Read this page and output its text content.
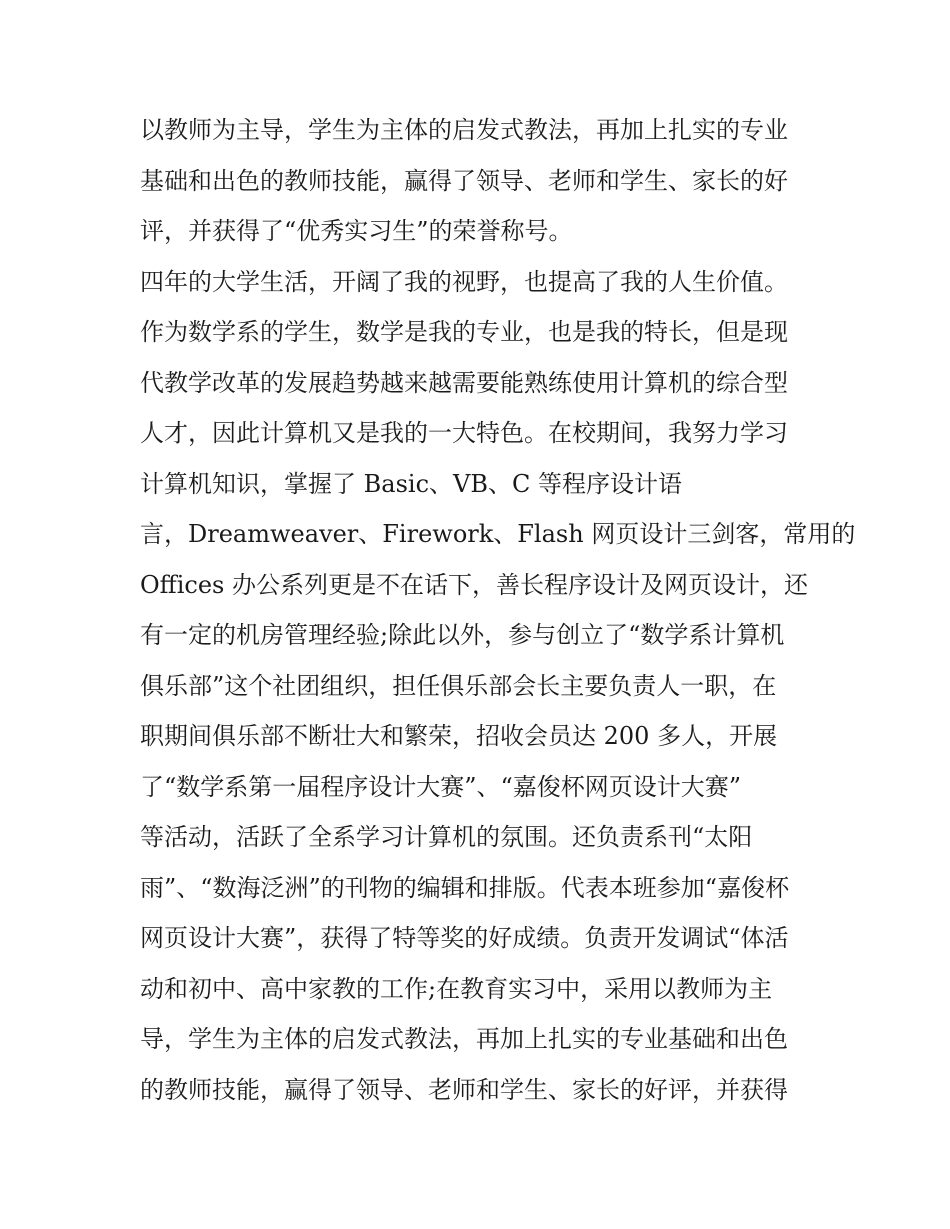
以教师为主导，学生为主体的启发式教法，再加上扎实的专业
基础和出色的教师技能，赢得了领导、老师和学生、家长的好
评，并获得了“优秀实习生”的荣誉称号。
四年的大学生活，开阔了我的视野，也提高了我的人生价值。
作为数学系的学生，数学是我的专业，也是我的特长，但是现
代教学改革的发展趋势越来越需要能熟练使用计算机的综合型
人才，因此计算机又是我的一大特色。在校期间，我努力学习
计算机知识，掌握了 Basic、VB、C 等程序设计语
言，Dreamweaver、Firework、Flash 网页设计三剑客，常用的
Offices 办公系列更是不在话下，善长程序设计及网页设计，还
有一定的机房管理经验;除此以外，参与创立了“数学系计算机
俱乐部”这个社团组织，担任俱乐部会长主要负责人一职，在
职期间俱乐部不断壮大和繁荣，招收会员达 200 多人，开展
了“数学系第一届程序设计大赛”、“嘉俊杯网页设计大赛”
等活动，活跃了全系学习计算机的氛围。还负责系刊“太阳
雨”、“数海泛洲”的刊物的编辑和排版。代表本班参加“嘉俊杯
网页设计大赛”，获得了特等奖的好成绩。负责开发调试“体活
动和初中、高中家教的工作;在教育实习中，采用以教师为主
导，学生为主体的启发式教法，再加上扎实的专业基础和出色
的教师技能，赢得了领导、老师和学生、家长的好评，并获得
